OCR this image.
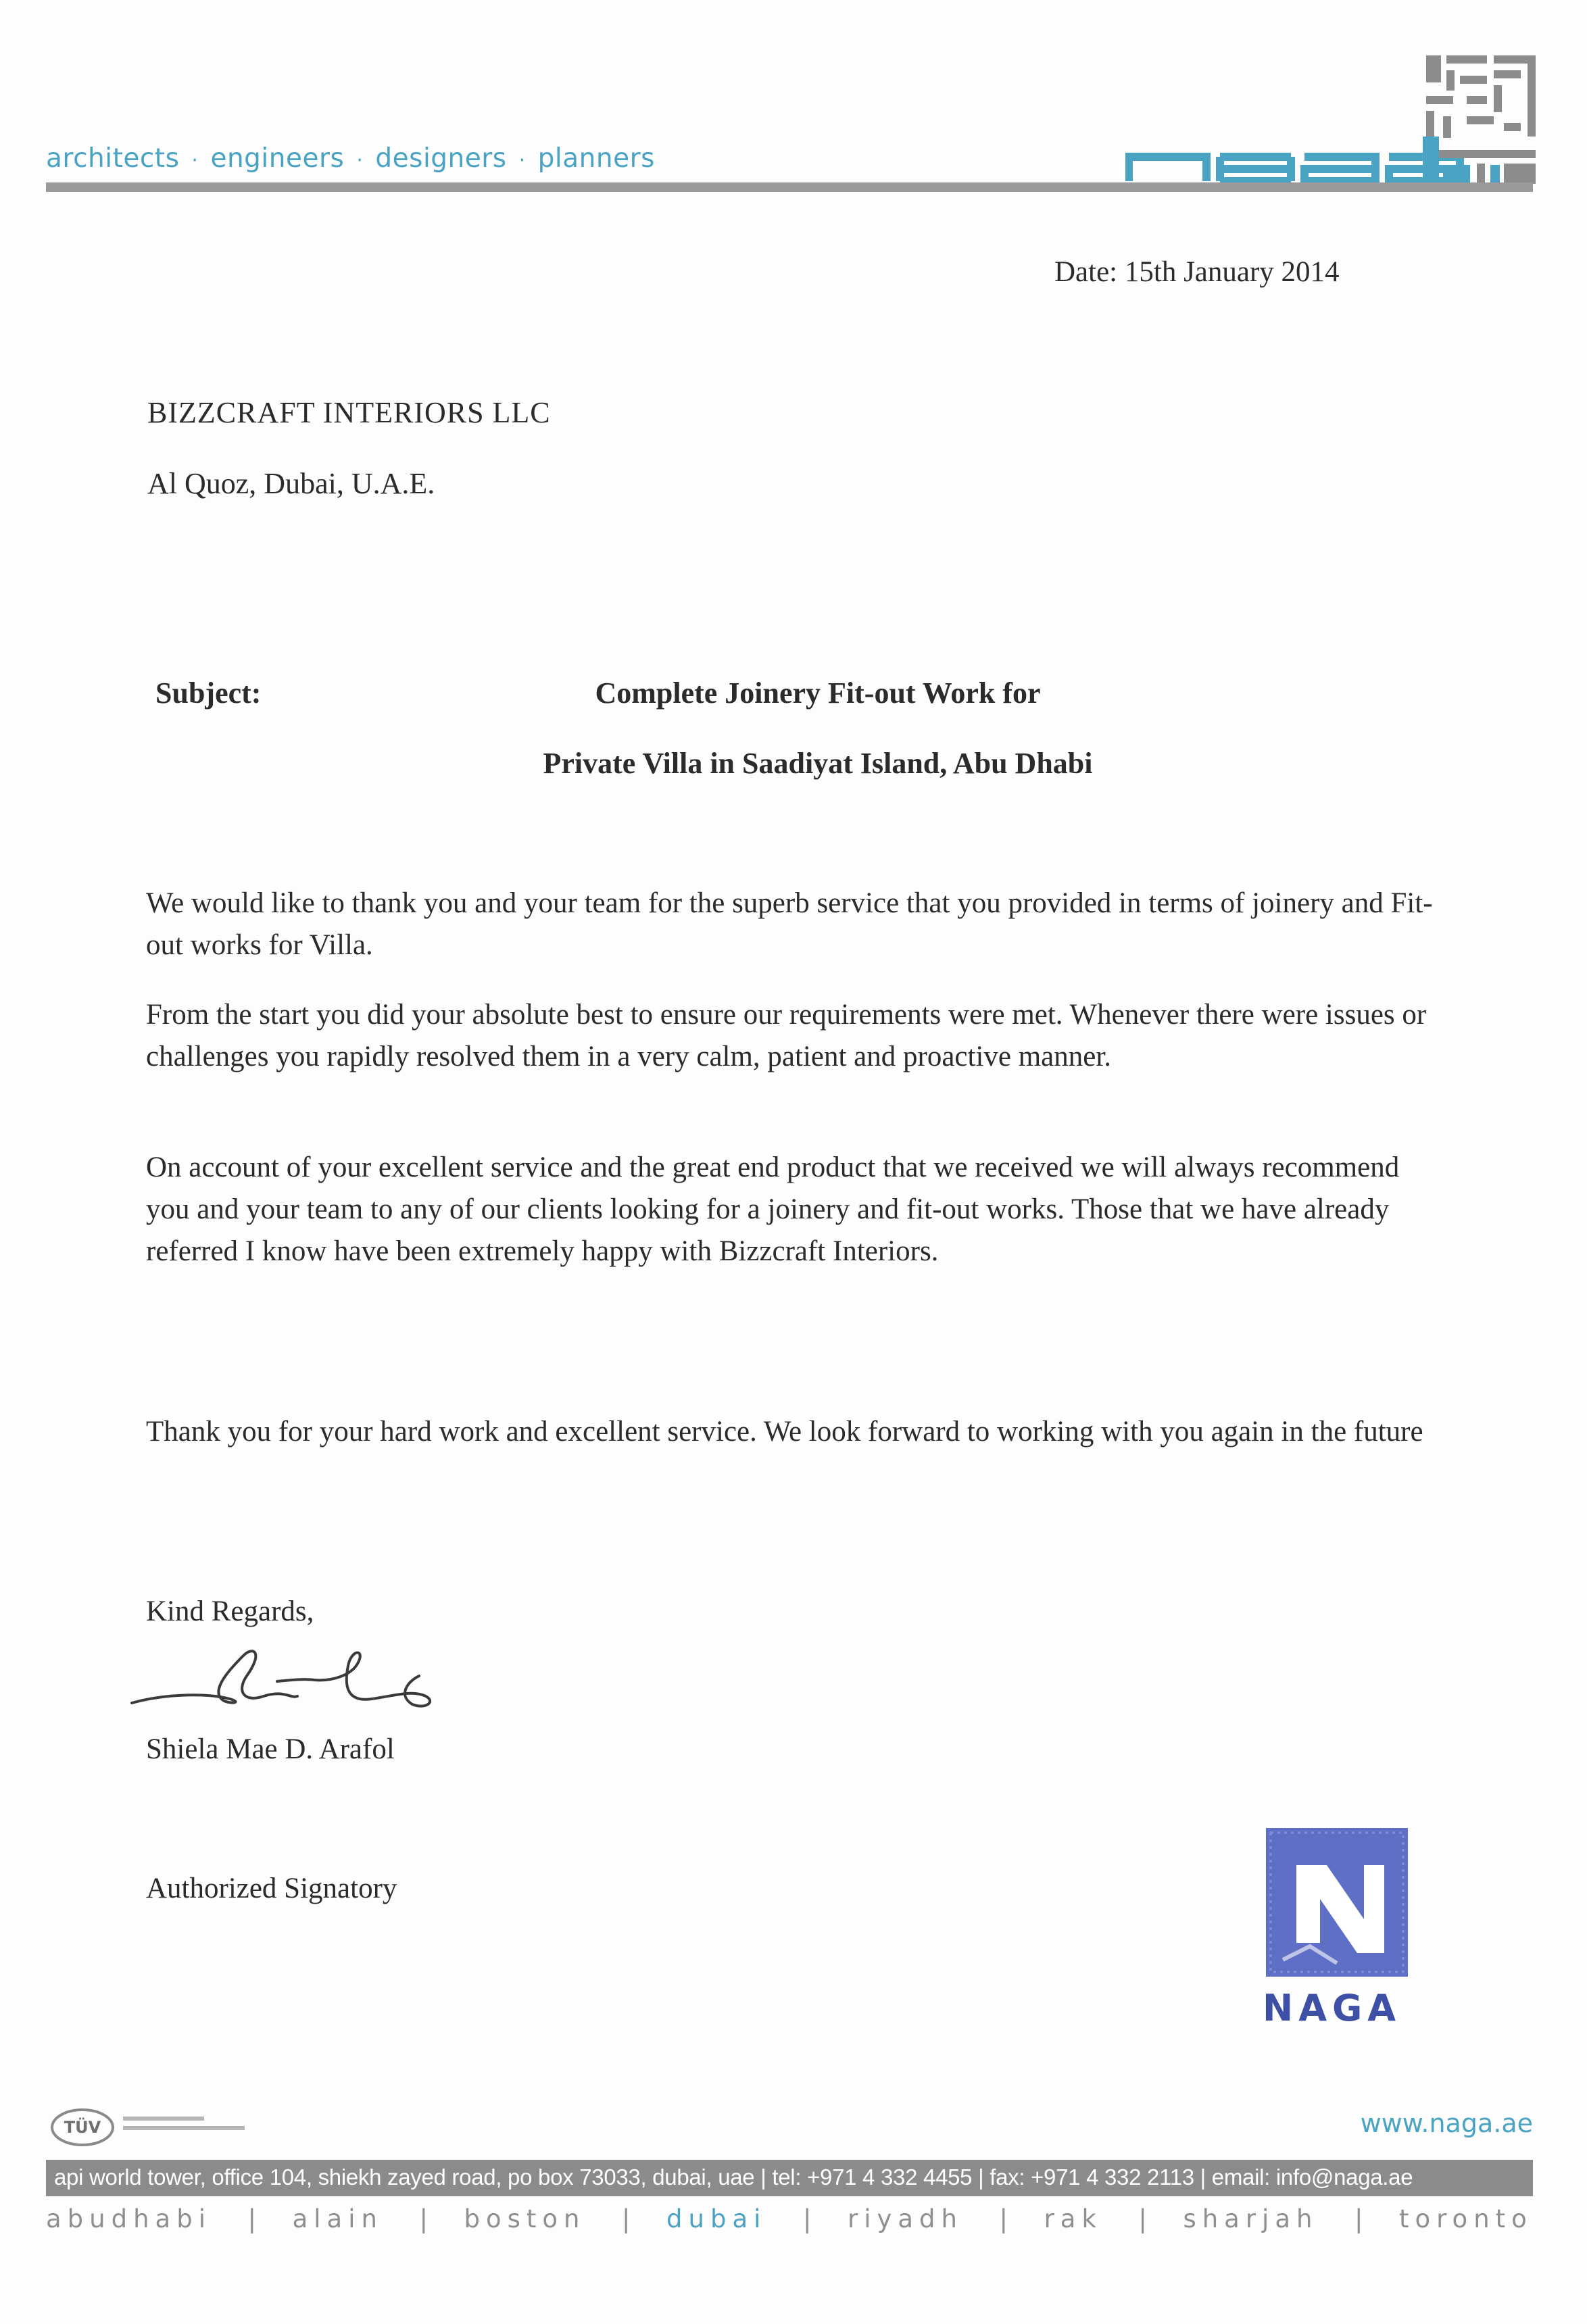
architects · engineers · designers · planners
Date: 15th January 2014
BIZZCRAFT INTERIORS LLC
Al Quoz, Dubai, U.A.E.
Subject:	Complete Joinery Fit-out Work for
Private Villa in Saadiyat Island, Abu Dhabi

We would like to thank you and your team for the superb service that you provided in terms of joinery and Fit-out works for Villa.

From the start you did your absolute best to ensure our requirements were met. Whenever there were issues or challenges you rapidly resolved them in a very calm, patient and proactive manner.

On account of your excellent service and the great end product that we received we will always recommend you and your team to any of our clients looking for a joinery and fit-out works. Those that we have already referred I know have been extremely happy with Bizzcraft Interiors.

Thank you for your hard work and excellent service. We look forward to working with you again in the future

Kind Regards,
Shiela Mae D. Arafol
Authorized Signatory
NAGA
TÜV	www.naga.ae
api world tower, office 104, shiekh zayed road, po box 73033, dubai, uae | tel: +971 4 332 4455 | fax: +971 4 332 2113 | email: info@naga.ae
abudhabi | alain | boston | dubai | riyadh | rak | sharjah | toronto
